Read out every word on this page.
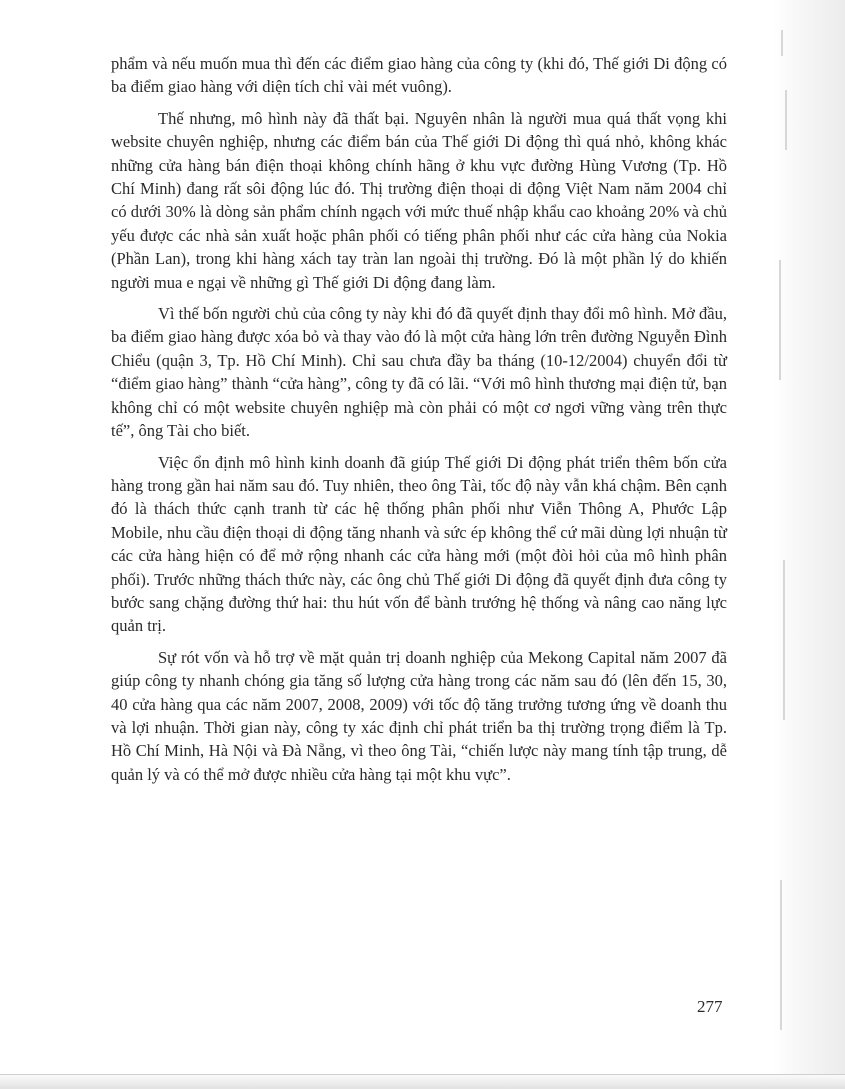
phẩm và nếu muốn mua thì đến các điểm giao hàng của công ty (khi đó, Thế giới Di động có ba điểm giao hàng với diện tích chỉ vài mét vuông).

Thế nhưng, mô hình này đã thất bại. Nguyên nhân là người mua quá thất vọng khi website chuyên nghiệp, nhưng các điểm bán của Thế giới Di động thì quá nhỏ, không khác những cửa hàng bán điện thoại không chính hãng ở khu vực đường Hùng Vương (Tp. Hồ Chí Minh) đang rất sôi động lúc đó. Thị trường điện thoại di động Việt Nam năm 2004 chỉ có dưới 30% là dòng sản phẩm chính ngạch với mức thuế nhập khẩu cao khoảng 20% và chủ yếu được các nhà sản xuất hoặc phân phối có tiếng phân phối như các cửa hàng của Nokia (Phần Lan), trong khi hàng xách tay tràn lan ngoài thị trường. Đó là một phần lý do khiến người mua e ngại về những gì Thế giới Di động đang làm.

Vì thế bốn người chủ của công ty này khi đó đã quyết định thay đổi mô hình. Mở đầu, ba điểm giao hàng được xóa bỏ và thay vào đó là một cửa hàng lớn trên đường Nguyễn Đình Chiểu (quận 3, Tp. Hồ Chí Minh). Chỉ sau chưa đầy ba tháng (10-12/2004) chuyển đổi từ “điểm giao hàng” thành “cửa hàng”, công ty đã có lãi. “Với mô hình thương mại điện tử, bạn không chỉ có một website chuyên nghiệp mà còn phải có một cơ ngơi vững vàng trên thực tế”, ông Tài cho biết.

Việc ổn định mô hình kinh doanh đã giúp Thế giới Di động phát triển thêm bốn cửa hàng trong gần hai năm sau đó. Tuy nhiên, theo ông Tài, tốc độ này vẫn khá chậm. Bên cạnh đó là thách thức cạnh tranh từ các hệ thống phân phối như Viễn Thông A, Phước Lập Mobile, nhu cầu điện thoại di động tăng nhanh và sức ép không thể cứ mãi dùng lợi nhuận từ các cửa hàng hiện có để mở rộng nhanh các cửa hàng mới (một đòi hỏi của mô hình phân phối). Trước những thách thức này, các ông chủ Thế giới Di động đã quyết định đưa công ty bước sang chặng đường thứ hai: thu hút vốn để bành trướng hệ thống và nâng cao năng lực quản trị.

Sự rót vốn và hỗ trợ về mặt quản trị doanh nghiệp của Mekong Capital năm 2007 đã giúp công ty nhanh chóng gia tăng số lượng cửa hàng trong các năm sau đó (lên đến 15, 30, 40 cửa hàng qua các năm 2007, 2008, 2009) với tốc độ tăng trưởng tương ứng về doanh thu và lợi nhuận. Thời gian này, công ty xác định chỉ phát triển ba thị trường trọng điểm là Tp. Hồ Chí Minh, Hà Nội và Đà Nẵng, vì theo ông Tài, “chiến lược này mang tính tập trung, dễ quản lý và có thể mở được nhiều cửa hàng tại một khu vực”.

277
